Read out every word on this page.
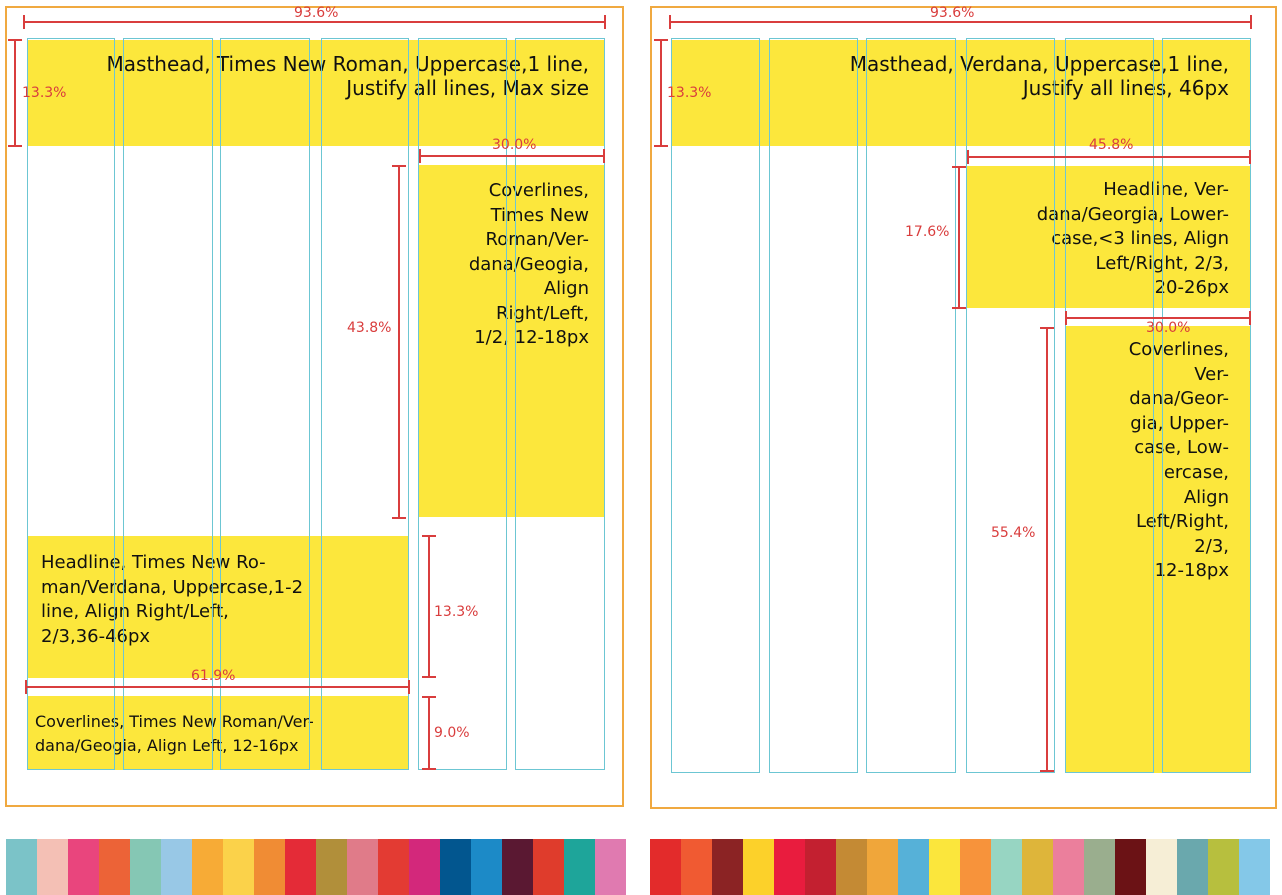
Masthead, Times New Roman, Uppercase,1 line,
Justify all lines, Max size
Coverlines,
Times New
Roman/Ver-
dana/Geogia,
Align
Right/Left,
1/2, 12-18px
Headline, Times New Ro-
man/Verdana, Uppercase,1-2
line, Align Right/Left,
2/3,36-46px
Coverlines, Times New Roman/Ver-
dana/Geogia, Align Left, 12-16px
93.6%
13.3%
30.0%
43.8%
13.3%
61.9%
9.0%
Masthead, Verdana, Uppercase,1 line,
Justify all lines, 46px
Headline, Ver-
dana/Georgia, Lower-
case,<3 lines, Align
Left/Right, 2/3,
20-26px
Coverlines,
Ver-
dana/Geor-
gia, Upper-
case, Low-
ercase,
Align
Left/Right,
2/3,
12-18px
93.6%
13.3%
45.8%
17.6%
30.0%
55.4%
